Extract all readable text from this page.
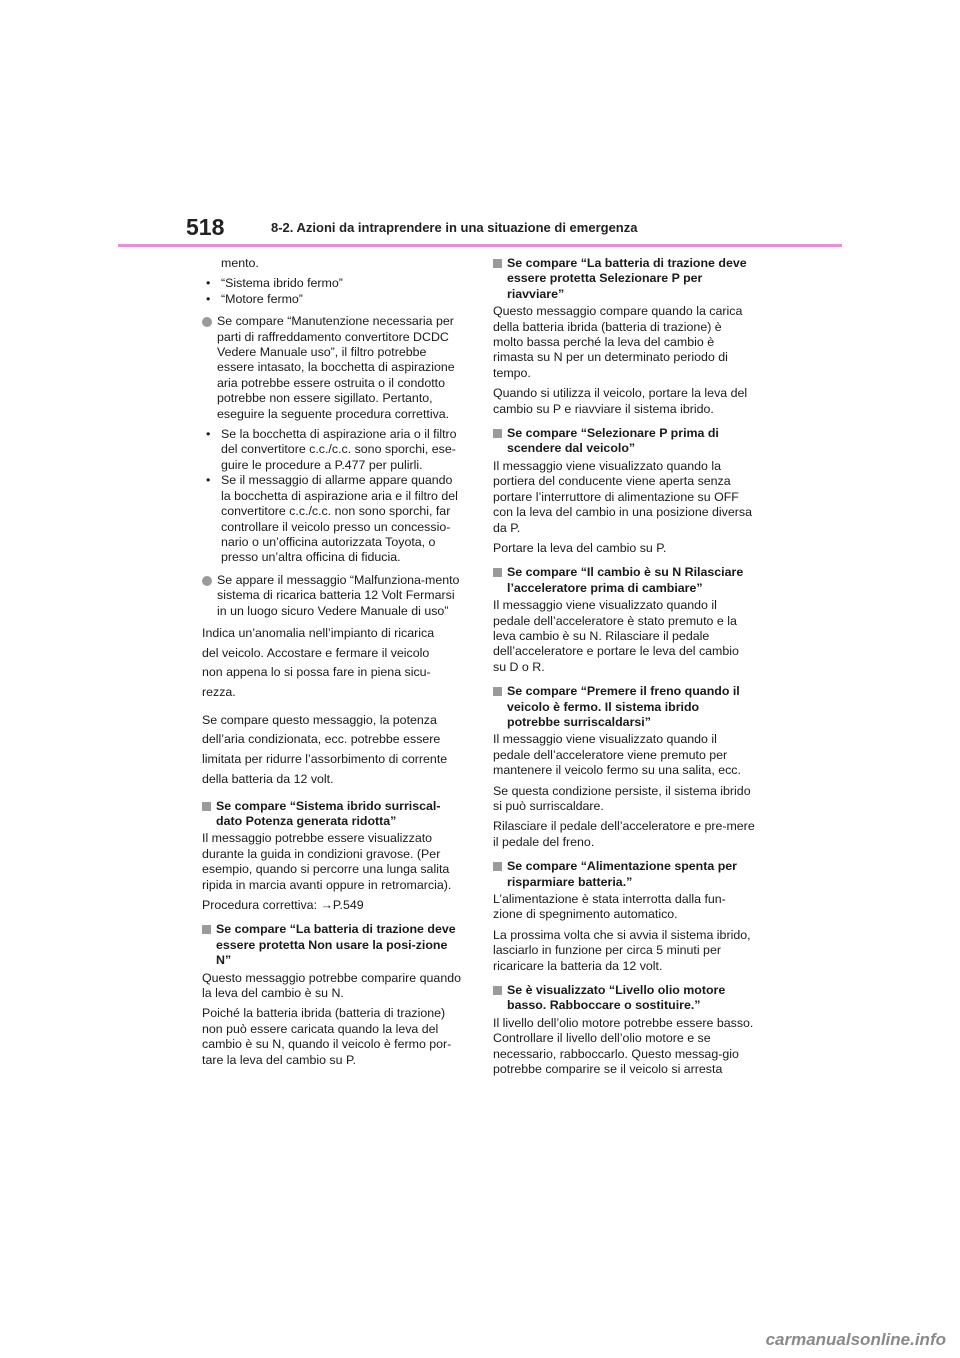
518	8-2. Azioni da intraprendere in una situazione di emergenza

mento.

• “Sistema ibrido fermo”
• “Motore fermo”
Se compare “Manutenzione necessaria per parti di raffreddamento convertitore DCDC Vedere Manuale uso”, il filtro potrebbe essere intasato, la bocchetta di aspirazione aria potrebbe essere ostruita o il condotto potrebbe non essere sigillato. Pertanto, eseguire la seguente procedura correttiva.
• Se la bocchetta di aspirazione aria o il filtro del convertitore c.c./c.c. sono sporchi, ese-guire le procedure a P.477 per pulirli.
• Se il messaggio di allarme appare quando la bocchetta di aspirazione aria e il filtro del convertitore c.c./c.c. non sono sporchi, far controllare il veicolo presso un concessio-nario o un’officina autorizzata Toyota, o presso un’altra officina di fiducia.
Se appare il messaggio “Malfunziona-mento sistema di ricarica batteria 12 Volt Fermarsi in un luogo sicuro Vedere Manuale di uso”

Indica un’anomalia nell’impianto di ricarica

del veicolo. Accostare e fermare il veicolo

non appena lo si possa fare in piena sicu-

rezza.

Se compare questo messaggio, la potenza

dell’aria condizionata, ecc. potrebbe essere

limitata per ridurre l’assorbimento di corrente

della batteria da 12 volt.

Se compare “Sistema ibrido surriscal-dato Potenza generata ridotta”

Il messaggio potrebbe essere visualizzato durante la guida in condizioni gravose. (Per esempio, quando si percorre una lunga salita ripida in marcia avanti oppure in retromarcia).

Procedura correttiva: →P.549

Se compare “La batteria di trazione deve essere protetta Non usare la posi-zione N”

Questo messaggio potrebbe comparire quando la leva del cambio è su N.

Poiché la batteria ibrida (batteria di trazione) non può essere caricata quando la leva del cambio è su N, quando il veicolo è fermo por-tare la leva del cambio su P.

Se compare “La batteria di trazione deve essere protetta Selezionare P per riavviare”

Questo messaggio compare quando la carica della batteria ibrida (batteria di trazione) è molto bassa perché la leva del cambio è rimasta su N per un determinato periodo di tempo.

Quando si utilizza il veicolo, portare la leva del cambio su P e riavviare il sistema ibrido.

Se compare “Selezionare P prima di scendere dal veicolo”

Il messaggio viene visualizzato quando la portiera del conducente viene aperta senza portare l’interruttore di alimentazione su OFF con la leva del cambio in una posizione diversa da P.

Portare la leva del cambio su P.

Se compare “Il cambio è su N Rilasciare l’acceleratore prima di cambiare”

Il messaggio viene visualizzato quando il pedale dell’acceleratore è stato premuto e la leva cambio è su N. Rilasciare il pedale dell’acceleratore e portare le leva del cambio su D o R.

Se compare “Premere il freno quando il veicolo è fermo. Il sistema ibrido potrebbe surriscaldarsi”

Il messaggio viene visualizzato quando il pedale dell’acceleratore viene premuto per mantenere il veicolo fermo su una salita, ecc.

Se questa condizione persiste, il sistema ibrido si può surriscaldare.

Rilasciare il pedale dell’acceleratore e pre-mere il pedale del freno.

Se compare “Alimentazione spenta per risparmiare batteria.”

L’alimentazione è stata interrotta dalla fun-zione di spegnimento automatico.

La prossima volta che si avvia il sistema ibrido, lasciarlo in funzione per circa 5 minuti per ricaricare la batteria da 12 volt.

Se è visualizzato “Livello olio motore basso. Rabboccare o sostituire.”

Il livello dell’olio motore potrebbe essere basso. Controllare il livello dell’olio motore e se necessario, rabboccarlo. Questo messag-gio potrebbe comparire se il veicolo si arresta

carmanualsonline.info
